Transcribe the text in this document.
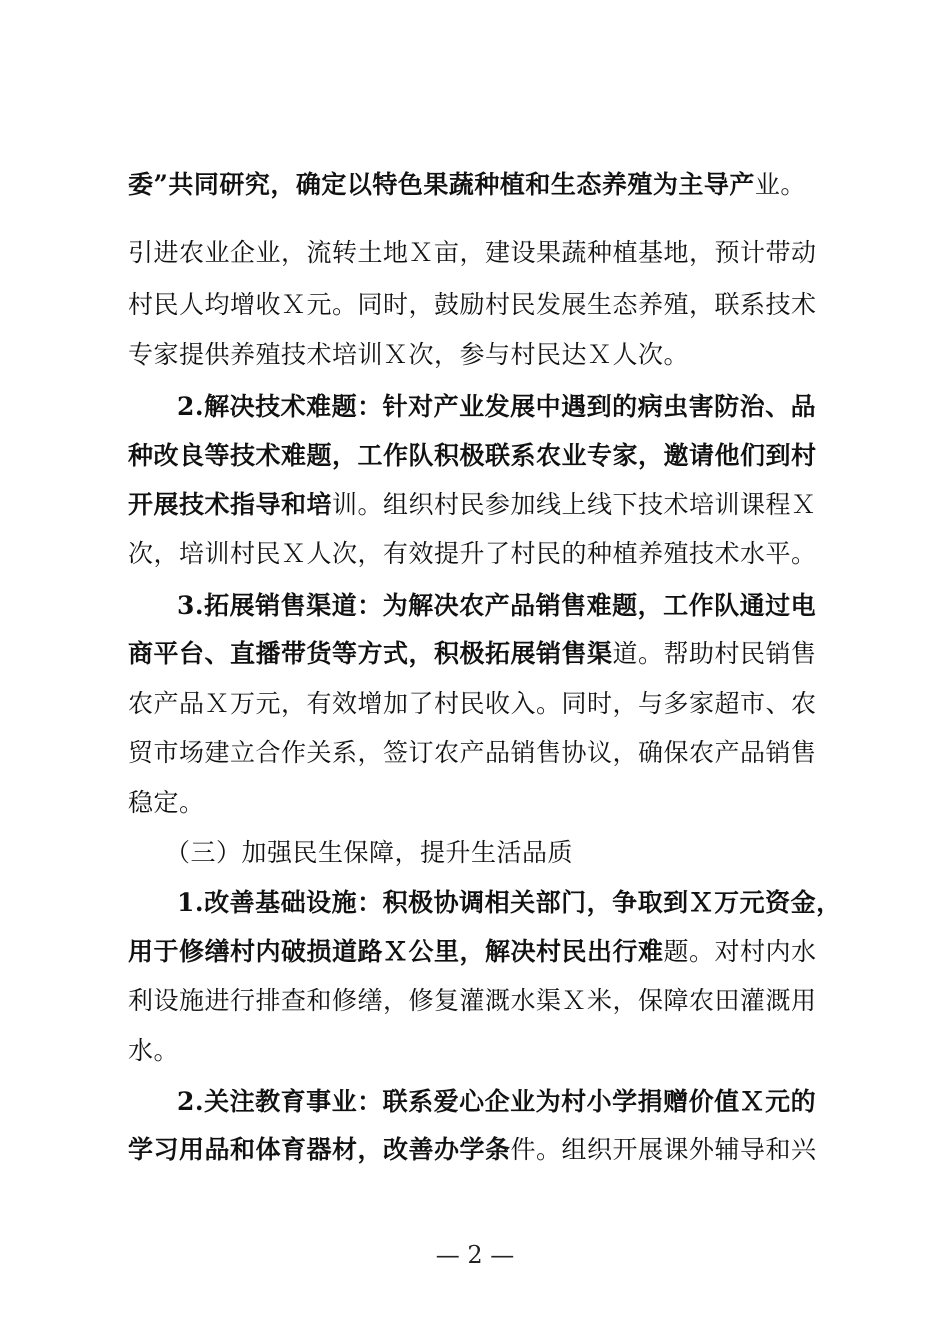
委”共同研究，确定以特色果蔬种植和生态养殖为主导产业。
引进农业企业，流转土地Ｘ亩，建设果蔬种植基地，预计带动
村民人均增收Ｘ元。同时，鼓励村民发展生态养殖，联系技术
专家提供养殖技术培训Ｘ次，参与村民达Ｘ人次。
2.解决技术难题：针对产业发展中遇到的病虫害防治、品
种改良等技术难题，工作队积极联系农业专家，邀请他们到村
开展技术指导和培训。组织村民参加线上线下技术培训课程Ｘ
次，培训村民Ｘ人次，有效提升了村民的种植养殖技术水平。
3.拓展销售渠道：为解决农产品销售难题，工作队通过电
商平台、直播带货等方式，积极拓展销售渠道。帮助村民销售
农产品Ｘ万元，有效增加了村民收入。同时，与多家超市、农
贸市场建立合作关系，签订农产品销售协议，确保农产品销售
稳定。
（三）加强民生保障，提升生活品质
1.改善基础设施：积极协调相关部门，争取到Ｘ万元资金，
用于修缮村内破损道路Ｘ公里，解决村民出行难题。对村内水
利设施进行排查和修缮，修复灌溉水渠Ｘ米，保障农田灌溉用
水。
2.关注教育事业：联系爱心企业为村小学捐赠价值Ｘ元的
学习用品和体育器材，改善办学条件。组织开展课外辅导和兴
— 2 —
